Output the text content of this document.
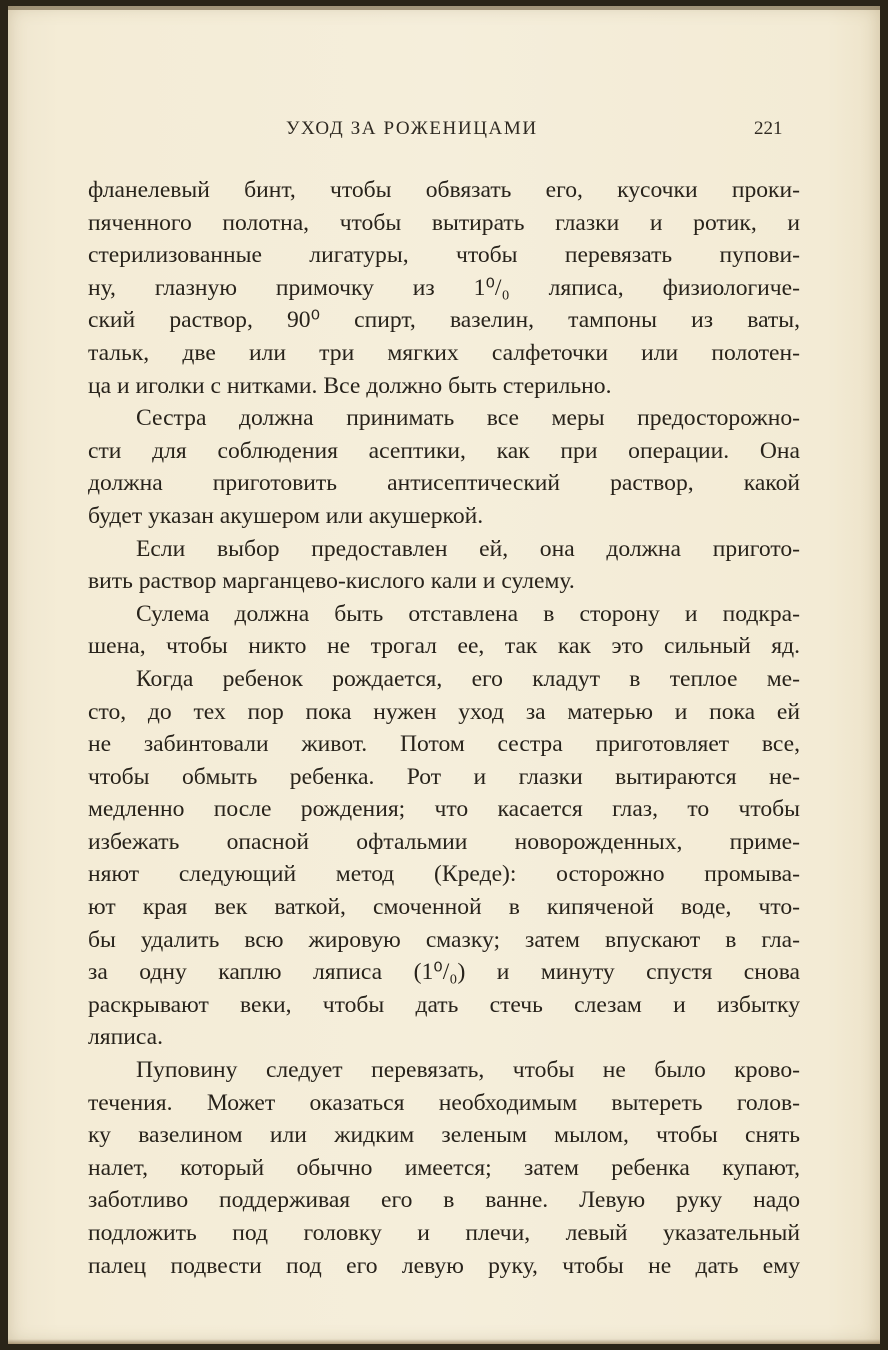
УХОД ЗА РОЖЕНИЦАМИ	221
фланелевый бинт, чтобы обвязать его, кусочки проки-
пяченного полотна, чтобы вытирать глазки и ротик, и
стерилизованные лигатуры, чтобы перевязать пупови-
ну, глазную примочку из 1⁰/₀ ляписа, физиологиче-
ский раствор, 90⁰ спирт, вазелин, тампоны из ваты,
тальк, две или три мягких салфеточки или полотен-
ца и иголки с нитками. Все должно быть стерильно.
Сестра должна принимать все меры предосторожно-
сти для соблюдения асептики, как при операции. Она
должна приготовить антисептический раствор, какой
будет указан акушером или акушеркой.
Если выбор предоставлен ей, она должна пригото-
вить раствор марганцево-кислого кали и сулему.
Сулема должна быть отставлена в сторону и подкра-
шена, чтобы никто не трогал ее, так как это сильный яд.
Когда ребенок рождается, его кладут в теплое ме-
сто, до тех пор пока нужен уход за матерью и пока ей
не забинтовали живот. Потом сестра приготовляет все,
чтобы обмыть ребенка. Рот и глазки вытираются не-
медленно после рождения; что касается глаз, то чтобы
избежать опасной офтальмии новорожденных, приме-
няют следующий метод (Креде): осторожно промыва-
ют края век ваткой, смоченной в кипяченой воде, что-
бы удалить всю жировую смазку; затем впускают в гла-
за одну каплю ляписа (1⁰/₀) и минуту спустя снова
раскрывают веки, чтобы дать стечь слезам и избытку
ляписа.
Пуповину следует перевязать, чтобы не было крово-
течения. Может оказаться необходимым вытереть голов-
ку вазелином или жидким зеленым мылом, чтобы снять
налет, который обычно имеется; затем ребенка купают,
заботливо поддерживая его в ванне. Левую руку надо
подложить под головку и плечи, левый указательный
палец подвести под его левую руку, чтобы не дать ему
